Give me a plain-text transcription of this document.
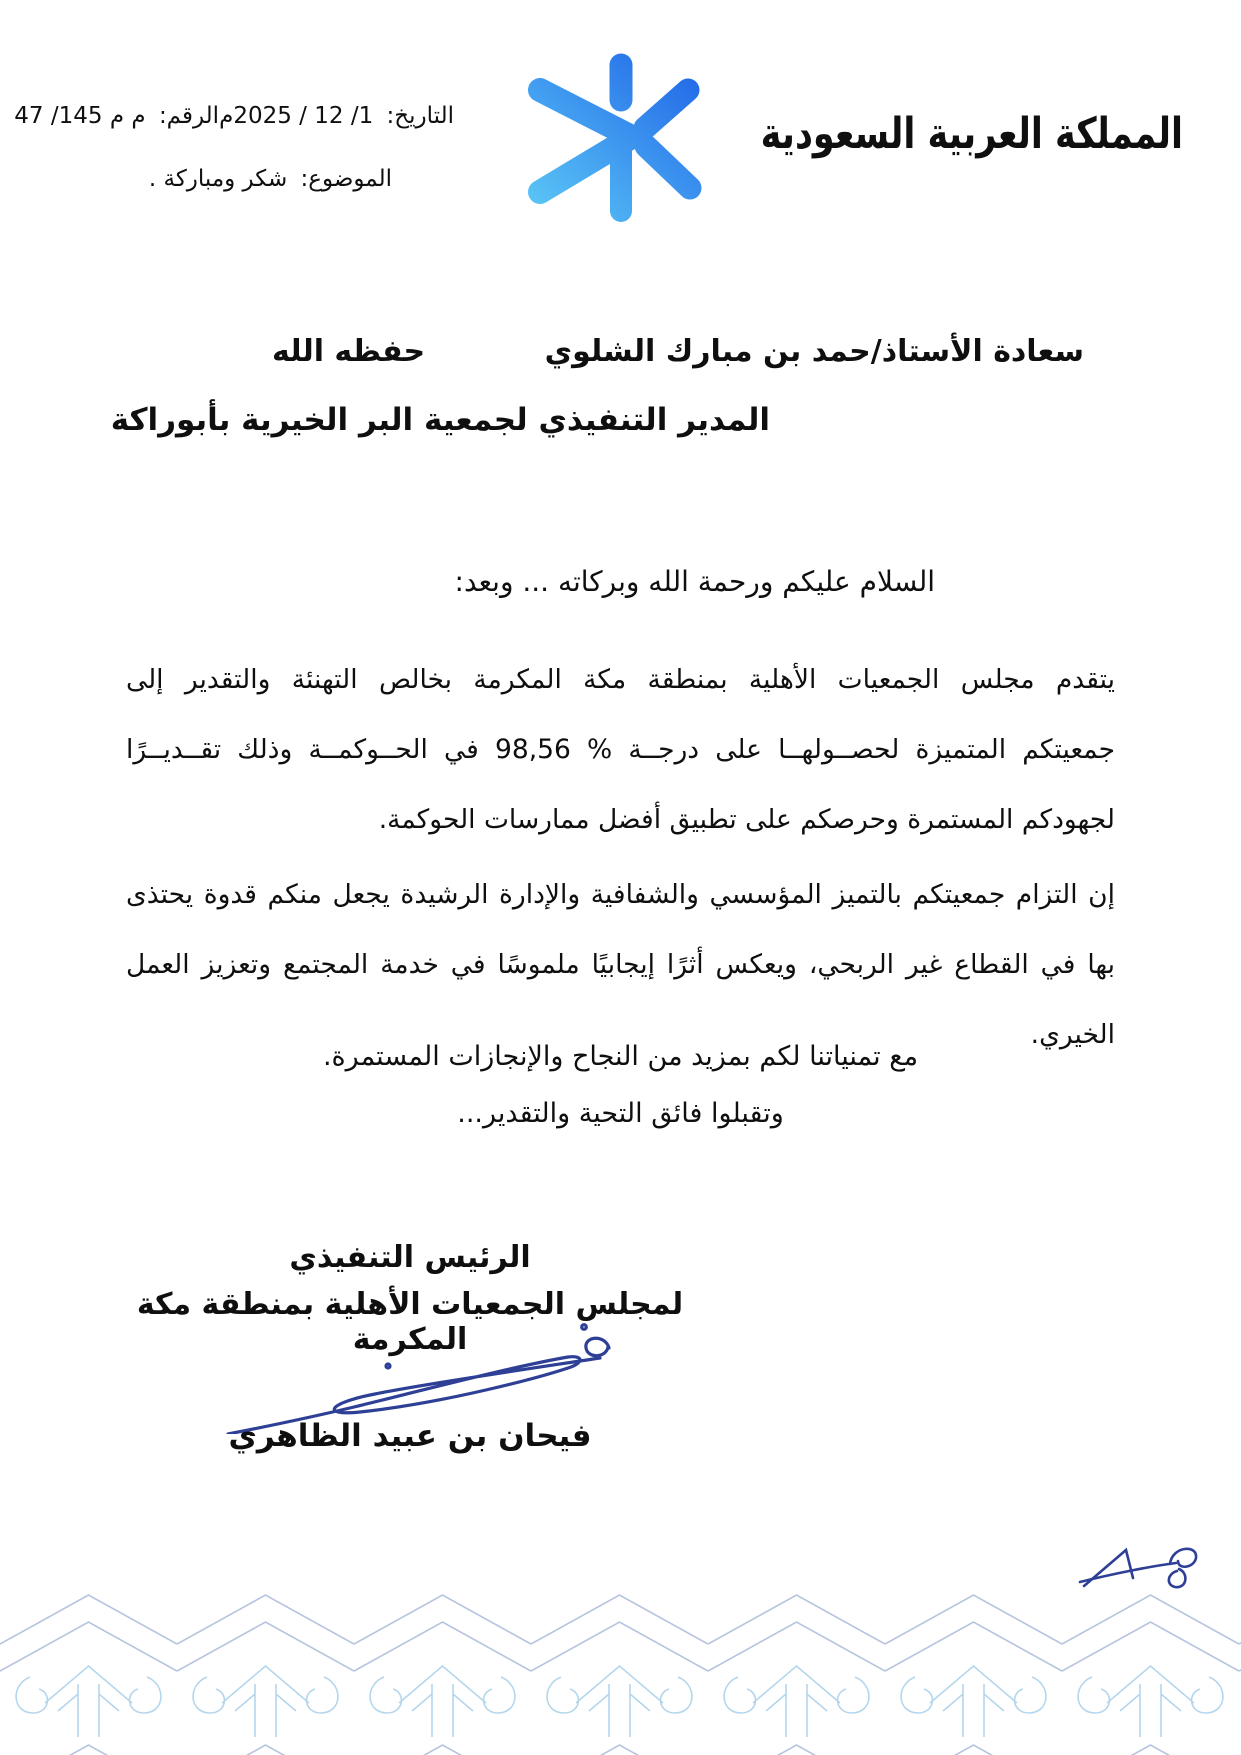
المملكة العربية السعودية
التاريخ: 1/ 12 / 2025م
الرقم: م م 145/ 47
الموضوع: شكر ومباركة .
سعادة الأستاذ/حمد بن مبارك الشلوي
حفظه الله
المدير التنفيذي لجمعية البر الخيرية بأبوراكة
السلام عليكم ورحمة الله وبركاته ... وبعد:
يتقدم مجلس الجمعيات الأهلية بمنطقة مكة المكرمة بخالص التهنئة والتقدير إلى
جمعيتكم المتميزة لحصــولهــا على درجــة % 98,56 في الحــوكمــة وذلك تقــديــرًا
لجهودكم المستمرة وحرصكم على تطبيق أفضل ممارسات الحوكمة.
إن التزام جمعيتكم بالتميز المؤسسي والشفافية والإدارة الرشيدة يجعل منكم قدوة يحتذى
بها في القطاع غير الربحي، ويعكس أثرًا إيجابيًا ملموسًا في خدمة المجتمع وتعزيز العمل الخيري.
مع تمنياتنا لكم بمزيد من النجاح والإنجازات المستمرة.
وتقبلوا فائق التحية والتقدير...
الرئيس التنفيذي
لمجلس الجمعيات الأهلية بمنطقة مكة المكرمة
فيحان بن عبيد الظاهري
